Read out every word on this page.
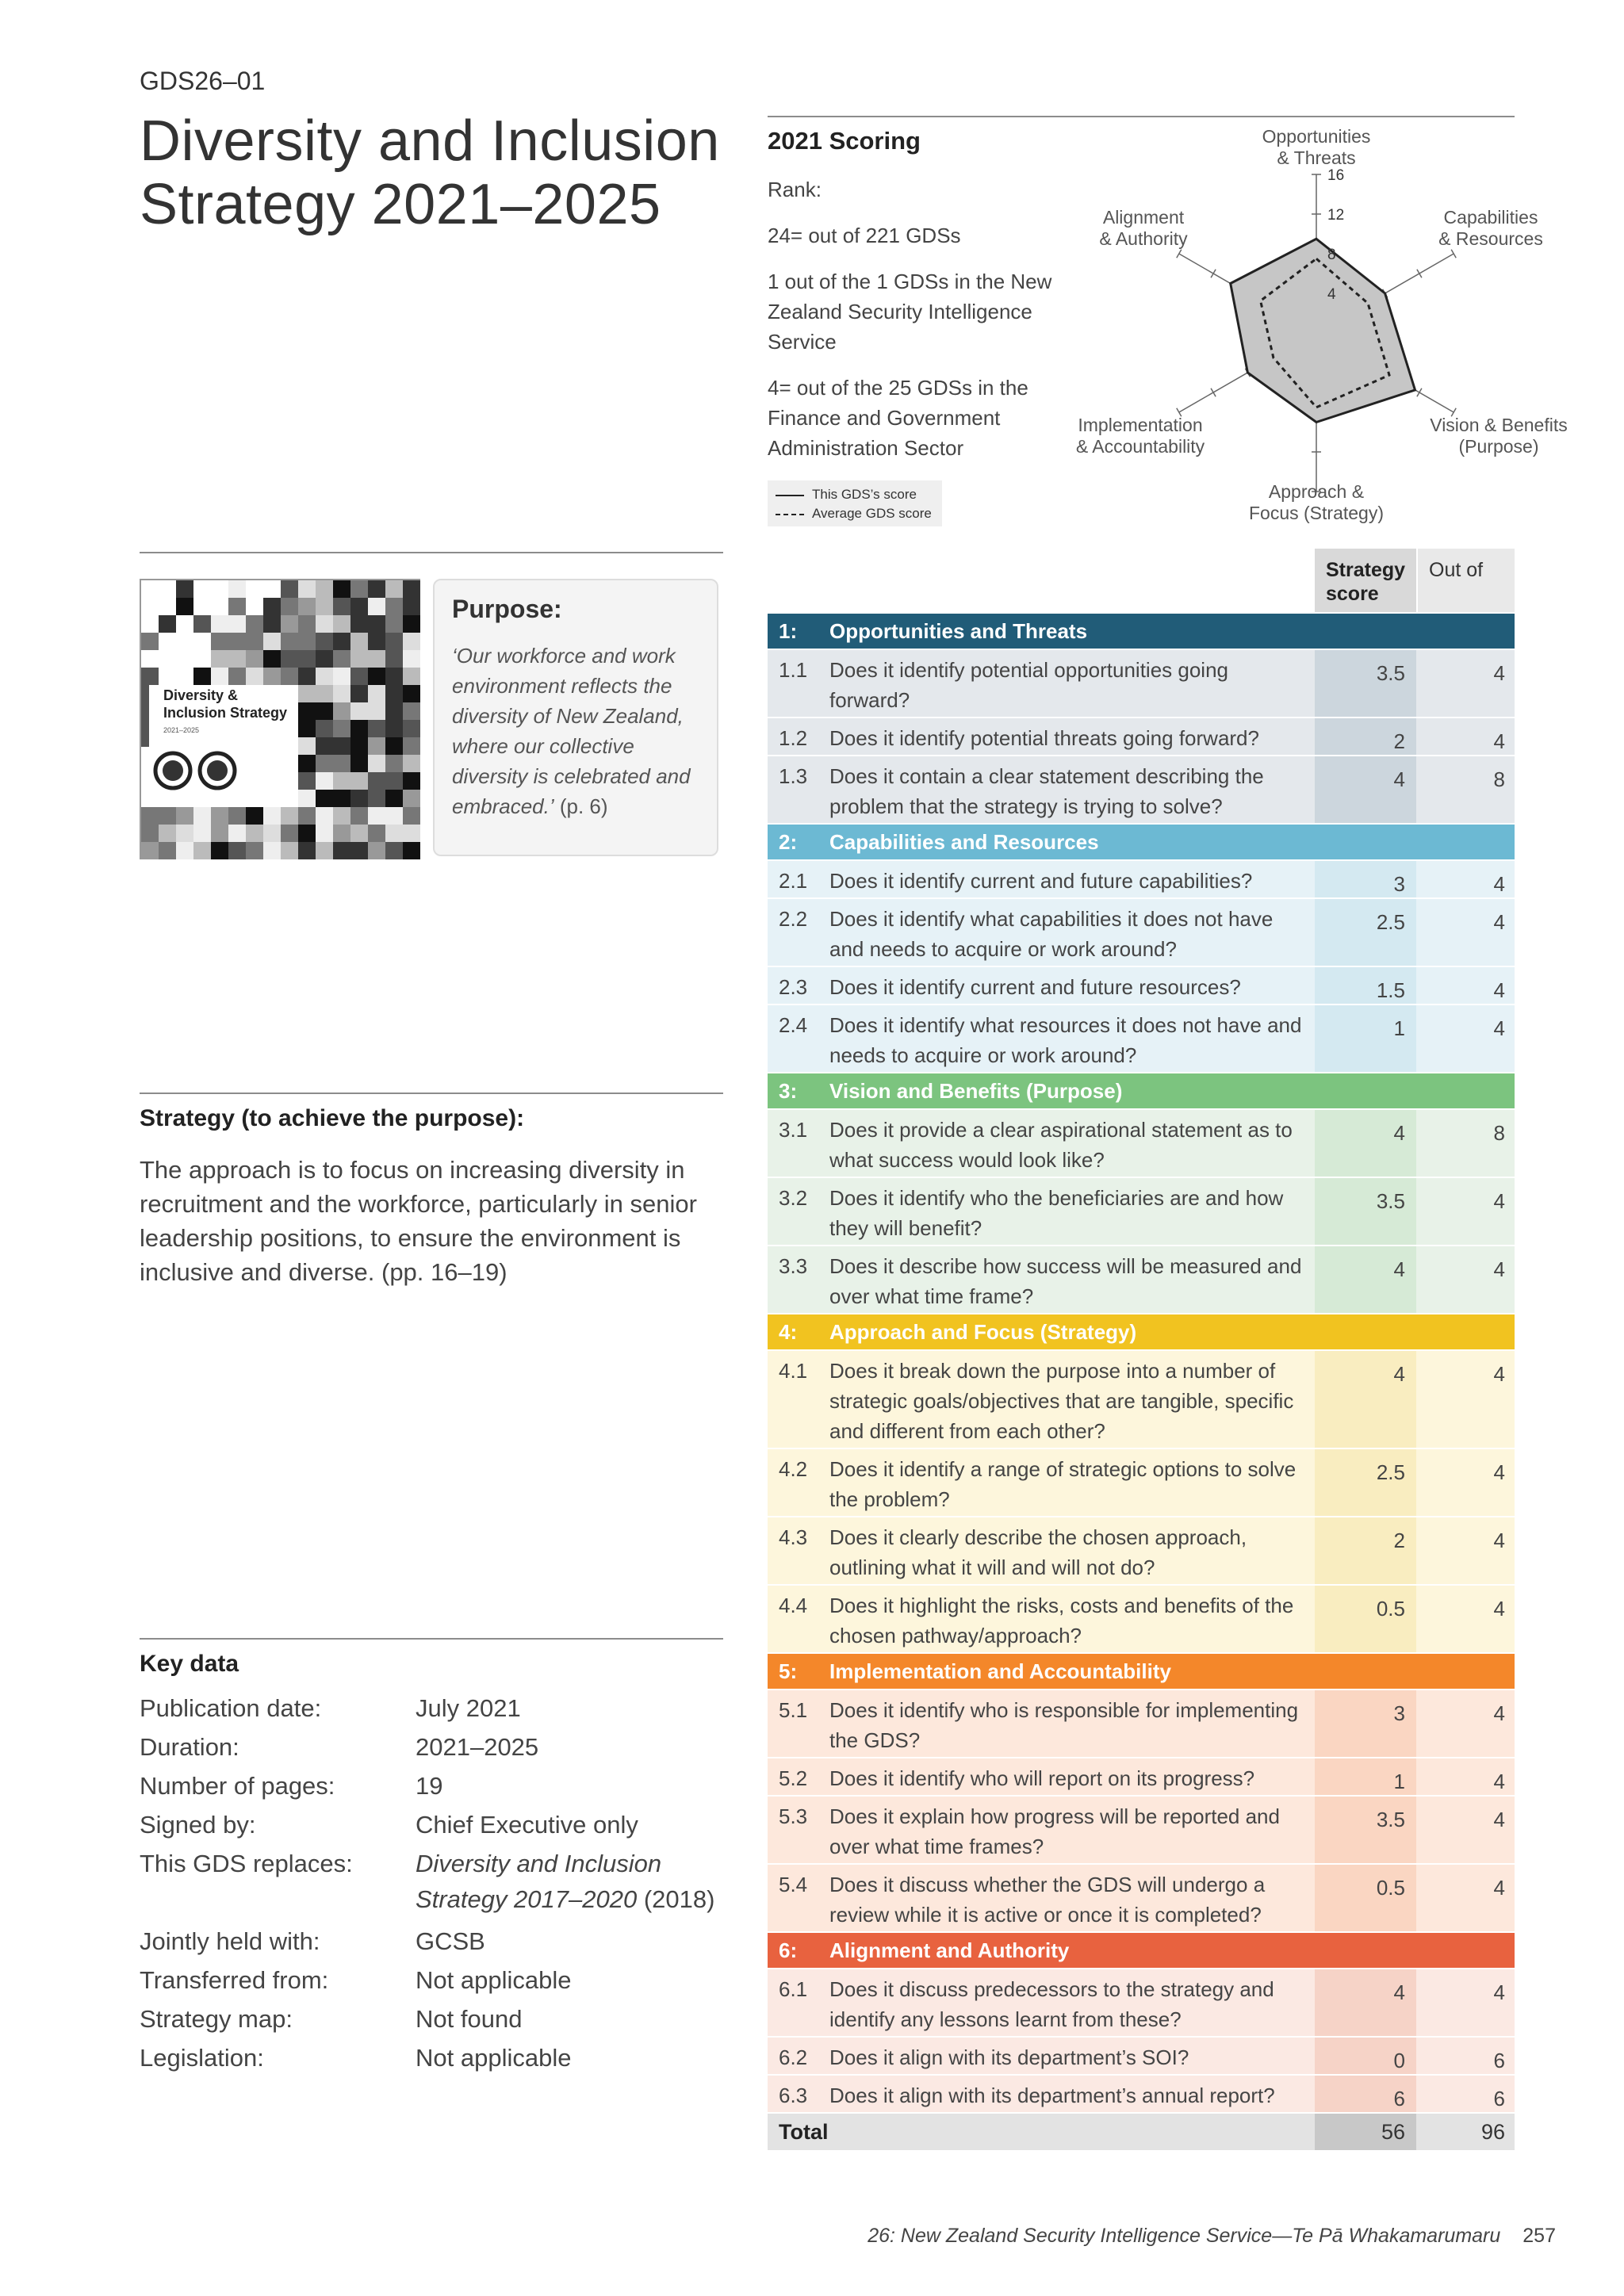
GDS26–01
Diversity and Inclusion
Strategy 2021–2025
2021 Scoring
Rank:
24= out of 221 GDSs
1 out of the 1 GDSs in the New Zealand Security Intelligence Service
4= out of the 25 GDSs in the Finance and Government Administration Sector
This GDS’s score
Average GDS score
4
8
12
16
Opportunities
& Threats
Capabilities
& Resources
Vision & Benefits
(Purpose)
Approach &
Focus (Strategy)
Implementation
& Accountability
Alignment
& Authority
Diversity &
Inclusion Strategy
2021–2025
Purpose:
‘Our workforce and work environment reflects the diversity of New Zealand, where our collective diversity is celebrated and embraced.’ (p. 6)
Strategy (to achieve the purpose):
The approach is to focus on increasing diversity in recruitment and the workforce, particularly in senior leadership positions, to ensure the environment is inclusive and diverse. (pp. 16–19)
Key data
Publication date:	July 2021
Duration:	2021–2025
Number of pages:	19
Signed by:	Chief Executive only
This GDS replaces:	Diversity and Inclusion Strategy 2017–2020 (2018)
Jointly held with:	GCSB
Transferred from:	Not applicable
Strategy map:	Not found
Legislation:	Not applicable
Strategy score
Out of
1: Opportunities and Threats
1.1 Does it identify potential opportunities going forward?
3.5	4
1.2 Does it identify potential threats going forward?	2	4
1.3 Does it contain a clear statement describing the problem that the strategy is trying to solve?
4	8
2: Capabilities and Resources
2.1 Does it identify current and future capabilities?	3	4
2.2 Does it identify what capabilities it does not have and needs to acquire or work around?
2.5	4
2.3 Does it identify current and future resources?	1.5	4
2.4 Does it identify what resources it does not have and needs to acquire or work around?
1	4
3: Vision and Benefits (Purpose)
3.1 Does it provide a clear aspirational statement as to what success would look like?
4	8
3.2 Does it identify who the beneficiaries are and how they will benefit?
3.5	4
3.3 Does it describe how success will be measured and over what time frame?
4	4
4: Approach and Focus (Strategy)
4.1 Does it break down the purpose into a number of strategic goals/objectives that are tangible, specific and different from each other?
4	4
4.2 Does it identify a range of strategic options to solve the problem?
2.5	4
4.3 Does it clearly describe the chosen approach, outlining what it will and will not do?
2	4
4.4 Does it highlight the risks, costs and benefits of the chosen pathway/approach?
0.5	4
5: Implementation and Accountability
5.1 Does it identify who is responsible for implementing the GDS?
3	4
5.2 Does it identify who will report on its progress?	1	4
5.3 Does it explain how progress will be reported and over what time frames?
3.5	4
5.4 Does it discuss whether the GDS will undergo a review while it is active or once it is completed?
0.5	4
6: Alignment and Authority
6.1 Does it discuss predecessors to the strategy and identify any lessons learnt from these?
4	4
6.2 Does it align with its department’s SOI?	0	6
6.3 Does it align with its department’s annual report?	6	6
Total	56	96
26: New Zealand Security Intelligence Service—Te Pā Whakamarumaru 257
